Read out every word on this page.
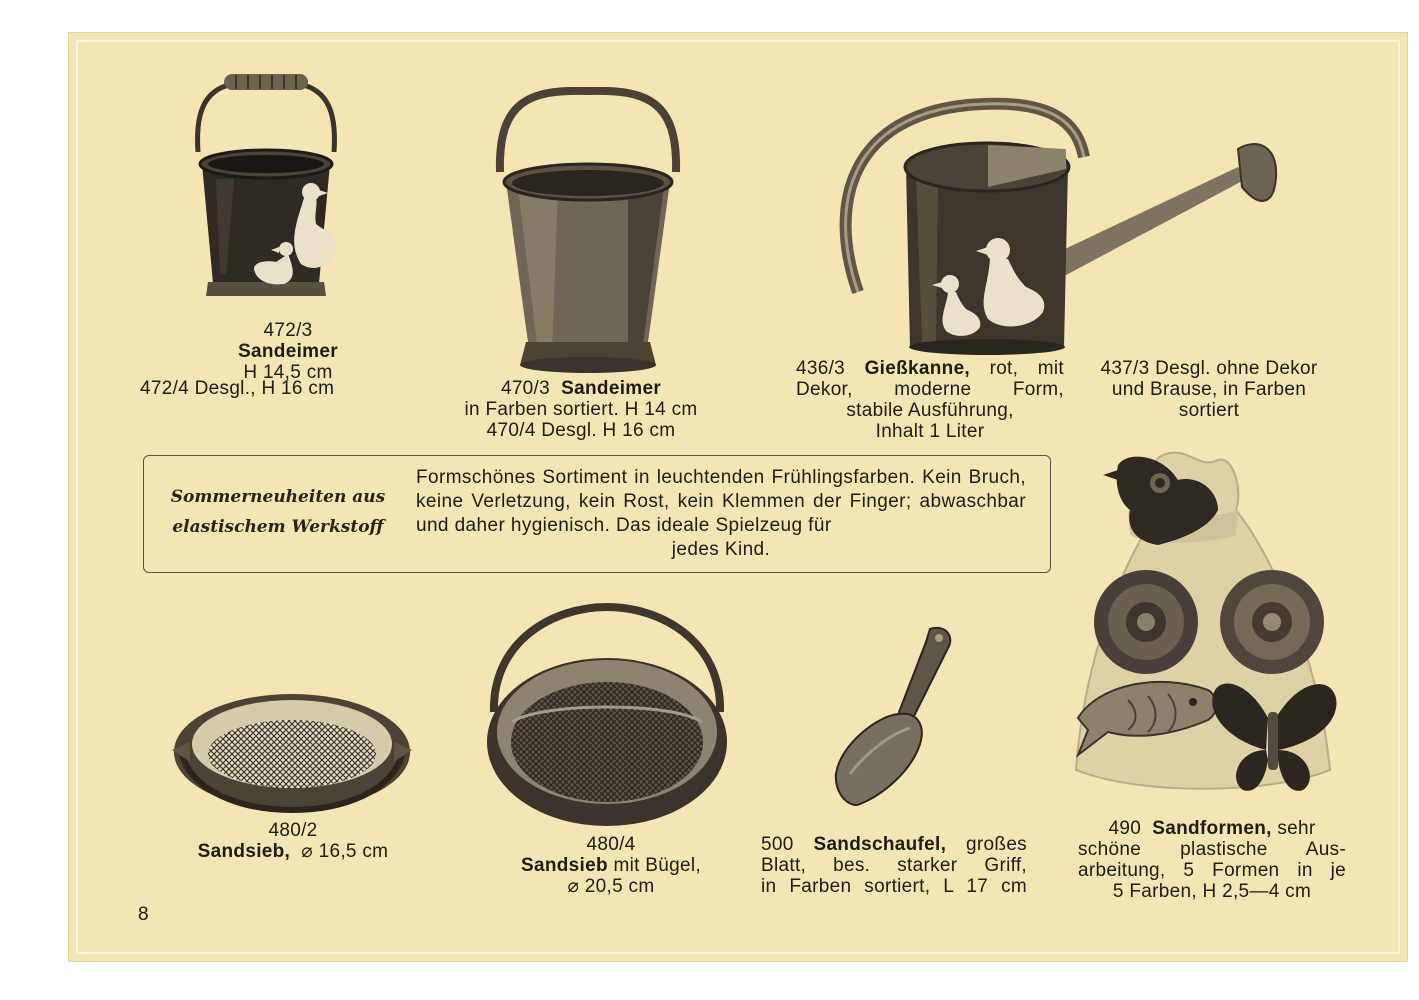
472/3
Sandeimer
H 14,5 cm
472/4 Desgl., H 16 cm	470/3 Sandeimer
in Farben sortiert. H 14 cm
470/4 Desgl. H 16 cm
436/3 Gießkanne, rot, mit
Dekor, moderne Form,
stabile Ausführung,
Inhalt 1 Liter
437/3 Desgl. ohne Dekor
und Brause, in Farben
sortiert
Sommerneuheiten aus
elastischem Werkstoff
Formschönes Sortiment in leuchtenden Frühlingsfarben. Kein Bruch, keine Verletzung, kein Rost, kein Klemmen der Finger; abwaschbar und daher hygienisch. Das ideale Spielzeug für
jedes Kind.
490 Sandformen, sehr
schöne plastische Aus-
arbeitung, 5 Formen in je
5 Farben, H 2,5—4 cm
480/2
Sandsieb, ⌀ 16,5 cm	480/4
Sandsieb mit Bügel,
⌀ 20,5 cm
500 Sandschaufel, großes
Blatt, bes. starker Griff,
in Farben sortiert, L 17 cm
8
